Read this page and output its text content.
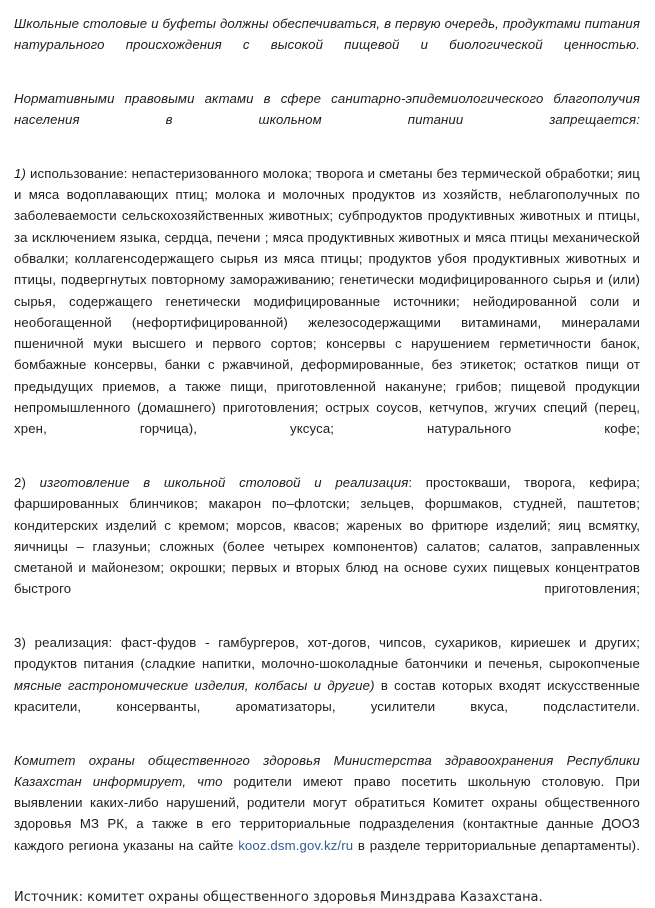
Школьные столовые и буфеты должны обеспечиваться, в первую очередь, продуктами питания натурального происхождения с высокой пищевой и биологической ценностью.

Нормативными правовыми актами в сфере санитарно-эпидемиологического благополучия населения в школьном питании запрещается:

1) использование: непастеризованного молока; творога и сметаны без термической обработки; яиц и мяса водоплавающих птиц; молока и молочных продуктов из хозяйств, неблагополучных по заболеваемости сельскохозяйственных животных; субпродуктов продуктивных животных и птицы, за исключением языка, сердца, печени ; мяса продуктивных животных и мяса птицы механической обвалки; коллагенсодержащего сырья из мяса птицы; продуктов убоя продуктивных животных и птицы, подвергнутых повторному замораживанию; генетически модифицированного сырья и (или) сырья, содержащего генетически модифицированные источники; нейодированной соли и необогащенной (нефортифицированной) железосодержащими витаминами, минералами пшеничной муки высшего и первого сортов; консервы с нарушением герметичности банок, бомбажные консервы, банки с ржавчиной, деформированные, без этикеток; остатков пищи от предыдущих приемов, а также пищи, приготовленной накануне; грибов; пищевой продукции непромышленного (домашнего) приготовления; острых соусов, кетчупов, жгучих специй (перец, хрен, горчица), уксуса; натурального кофе;

2) изготовление в школьной столовой и реализация: простокваши, творога, кефира; фаршированных блинчиков; макарон по–флотски; зельцев, форшмаков, студней, паштетов; кондитерских изделий с кремом; морсов, квасов; жареных во фритюре изделий; яиц всмятку, яичницы – глазуньи; сложных (более четырех компонентов) салатов; салатов, заправленных сметаной и майонезом; окрошки; первых и вторых блюд на основе сухих пищевых концентратов быстрого приготовления;

3) реализация: фаст-фудов - гамбургеров, хот-догов, чипсов, сухариков, кириешек и других; продуктов питания (сладкие напитки, молочно-шоколадные батончики и печенья, сырокопченые мясные гастрономические изделия, колбасы и другие) в состав которых входят искусственные красители, консерванты, ароматизаторы, усилители вкуса, подсластители.

Комитет охраны общественного здоровья Министерства здравоохранения Республики Казахстан информирует, что родители имеют право посетить школьную столовую. При выявлении каких-либо нарушений, родители могут обратиться Комитет охраны общественного здоровья МЗ РК, а также в его территориальные подразделения (контактные данные ДООЗ каждого региона указаны на сайте kooz.dsm.gov.kz/ru в разделе территориальные департаменты).

Источник: комитет охраны общественного здоровья Минздрава Казахстана.
